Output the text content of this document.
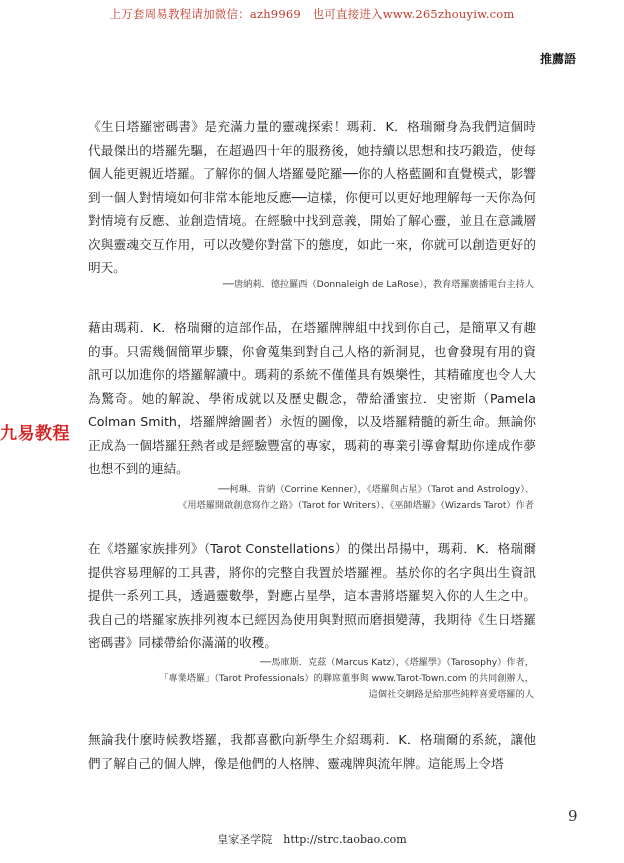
上万套周易教程请加微信：azh9969　也可直接进入www.265zhouyiw.com
推薦語

《生日塔羅密碼書》是充滿力量的靈魂探索！瑪莉．K．格瑞爾身為我們這個時代最傑出的塔羅先驅，在超過四十年的服務後，她持續以思想和技巧鍛造，使每個人能更親近塔羅。了解你的個人塔羅曼陀羅──你的人格藍圖和直覺模式，影響到一個人對情境如何非常本能地反應──這樣，你便可以更好地理解每一天你為何對情境有反應、並創造情境。在經驗中找到意義，開始了解心靈，並且在意識層次與靈魂交互作用，可以改變你對當下的態度，如此一來，你就可以創造更好的明天。

──唐納莉．德拉羅西（Donnaleigh de LaRose），教育塔羅廣播電台主持人

藉由瑪莉．K．格瑞爾的這部作品，在塔羅牌牌組中找到你自己，是簡單又有趣的事。只需幾個簡單步驟，你會蒐集到對自己人格的新洞見，也會發現有用的資訊可以加進你的塔羅解讀中。瑪莉的系統不僅僅具有娛樂性，其精確度也令人大為驚奇。她的解說、學術成就以及歷史觀念，帶給潘蜜拉．史密斯（Pamela Colman Smith，塔羅牌繪圖者）永恆的圖像，以及塔羅精髓的新生命。無論你正成為一個塔羅狂熱者或是經驗豐富的專家，瑪莉的專業引導會幫助你達成作夢也想不到的連結。

──柯琳．肯納（Corrine Kenner），《塔羅與占星》（Tarot and Astrology）、
《用塔羅開啟創意寫作之路》（Tarot for Writers）、《巫師塔羅》（Wizards Tarot）作者

在《塔羅家族排列》（Tarot Constellations）的傑出昂揚中，瑪莉．K．格瑞爾提供容易理解的工具書，將你的完整自我置於塔羅裡。基於你的名字與出生資訊提供一系列工具，透過靈數學，對應占星學，這本書將塔羅契入你的人生之中。我自己的塔羅家族排列複本已經因為使用與對照而磨損變薄，我期待《生日塔羅密碼書》同樣帶給你滿滿的收穫。

──馬庫斯．克茲（Marcus Katz），《塔羅學》（Tarosophy）作者，
「專業塔羅」（Tarot Professionals）的聯席董事與 www.Tarot-Town.com 的共同創辦人，
這個社交網路是給那些純粹喜愛塔羅的人

無論我什麼時候教塔羅，我都喜歡向新學生介紹瑪莉．K．格瑞爾的系統，讓他們了解自己的個人牌，像是他們的人格牌、靈魂牌與流年牌。這能馬上令塔

九易教程
9
皇家圣学院　http://strc.taobao.com
